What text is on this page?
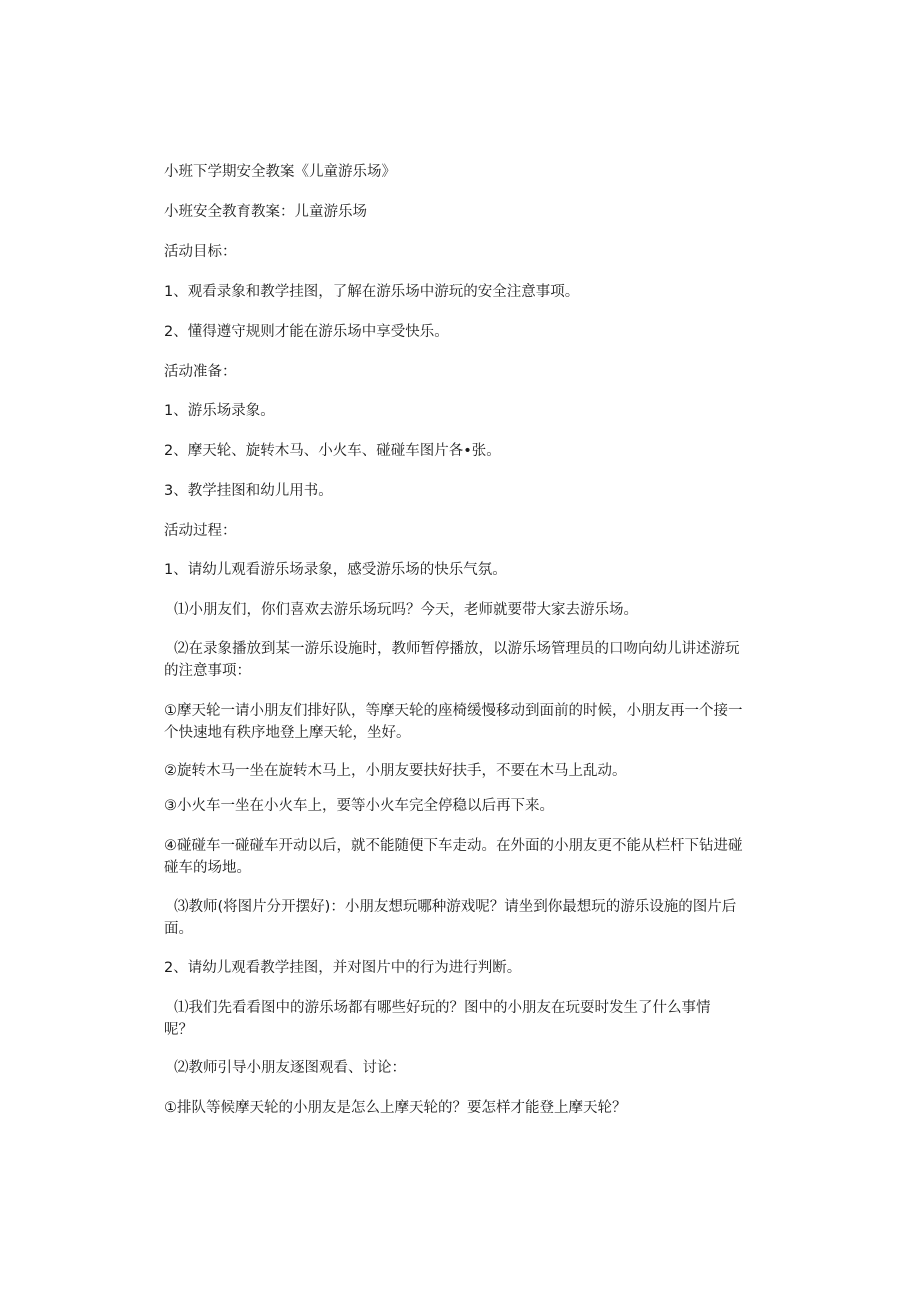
小班下学期安全教案《儿童游乐场》

小班安全教育教案：儿童游乐场

活动目标：

1、观看录象和教学挂图，了解在游乐场中游玩的安全注意事项。

2、懂得遵守规则才能在游乐场中享受快乐。

活动准备：

1、游乐场录象。

2、摩天轮、旋转木马、小火车、碰碰车图片各•张。

3、教学挂图和幼儿用书。

活动过程：

1、请幼儿观看游乐场录象，感受游乐场的快乐气氛。

⑴小朋友们，你们喜欢去游乐场玩吗？今天，老师就要带大家去游乐场。

⑵在录象播放到某一游乐设施时，教师暂停播放，以游乐场管理员的口吻向幼儿讲述游玩

的注意事项：

①摩天轮一请小朋友们排好队，等摩天轮的座椅缓慢移动到面前的时候，小朋友再一个接一

个快速地有秩序地登上摩天轮，坐好。

②旋转木马一坐在旋转木马上，小朋友要扶好扶手，不要在木马上乱动。

③小火车一坐在小火车上，要等小火车完全停稳以后再下来。

④碰碰车一碰碰车开动以后，就不能随便下车走动。在外面的小朋友更不能从栏杆下钻进碰

碰车的场地。

⑶教师(将图片分开摆好)：小朋友想玩哪种游戏呢？请坐到你最想玩的游乐设施的图片后

面。

2、请幼儿观看教学挂图，并对图片中的行为进行判断。

⑴我们先看看图中的游乐场都有哪些好玩的？图中的小朋友在玩耍时发生了什么事情

呢？

⑵教师引导小朋友逐图观看、讨论：

①排队等候摩天轮的小朋友是怎么上摩天轮的？要怎样才能登上摩天轮？
